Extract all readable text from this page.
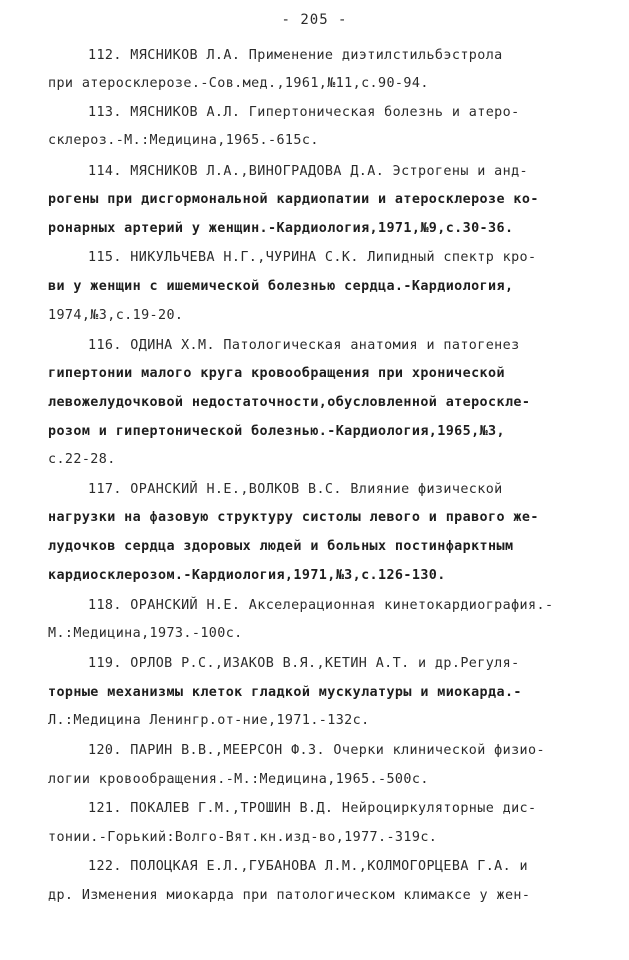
- 205 -
112. МЯСНИКОВ Л.А. Применение диэтилстильбэстрола
при атеросклерозе.-Сов.мед.,1961,№11,с.90-94.
113. МЯСНИКОВ А.Л. Гипертоническая болезнь и атеро-
склероз.-М.:Медицина,1965.-615с.
114. МЯСНИКОВ Л.А.,ВИНОГРАДОВА Д.А. Эстрогены и анд-
рогены при дисгормональной кардиопатии и атеросклерозе ко-
ронарных артерий у женщин.-Кардиология,1971,№9,с.30-36.
115. НИКУЛЬЧЕВА Н.Г.,ЧУРИНА С.К. Липидный спектр кро-
ви у женщин с ишемической болезнью сердца.-Кардиология,
1974,№3,с.19-20.
116. ОДИНА Х.М. Патологическая анатомия и патогенез
гипертонии малого круга кровообращения при хронической
левожелудочковой недостаточности,обусловленной атероскле-
розом и гипертонической болезнью.-Кардиология,1965,№3,
с.22-28.
117. ОРАНСКИЙ Н.Е.,ВОЛКОВ В.С. Влияние физической
нагрузки на фазовую структуру систолы левого и правого же-
лудочков сердца здоровых людей и больных постинфарктным
кардиосклерозом.-Кардиология,1971,№3,с.126-130.
118. ОРАНСКИЙ Н.Е. Акселерационная кинетокардиография.-
М.:Медицина,1973.-100с.
119. ОРЛОВ Р.С.,ИЗАКОВ В.Я.,КЕТИН А.Т. и др.Регуля-
торные механизмы клеток гладкой мускулатуры и миокарда.-
Л.:Медицина Ленингр.от-ние,1971.-132с.
120. ПАРИН В.В.,МЕЕРСОН Ф.З. Очерки клинической физио-
логии кровообращения.-М.:Медицина,1965.-500с.
121. ПОКАЛЕВ Г.М.,ТРОШИН В.Д. Нейроциркуляторные дис-
тонии.-Горький:Волго-Вят.кн.изд-во,1977.-319с.
122. ПОЛОЦКАЯ Е.Л.,ГУБАНОВА Л.М.,КОЛМОГОРЦЕВА Г.А. и
др. Изменения миокарда при патологическом климаксе у жен-
